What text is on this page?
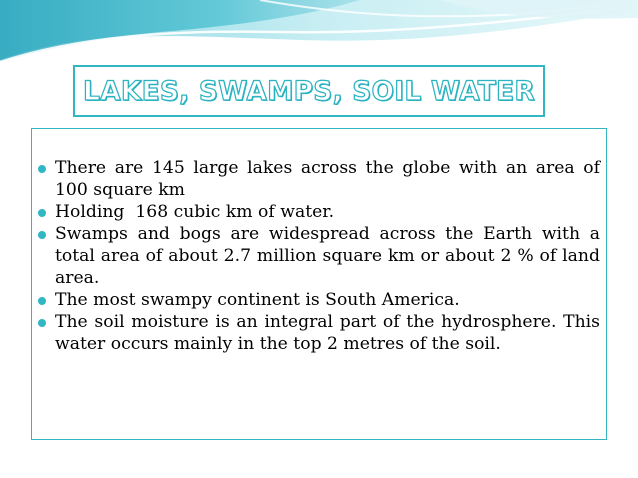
LAKES, SWAMPS, SOIL WATER
There are 145 large lakes across the globe with an area of 100 square km
Holding  168 cubic km of water.
Swamps and bogs are widespread across the Earth with a total area of about 2.7 million square km or about 2 % of land area.
The most swampy continent is South America.
The soil moisture is an integral part of the hydrosphere. This water occurs mainly in the top 2 metres of the soil.
